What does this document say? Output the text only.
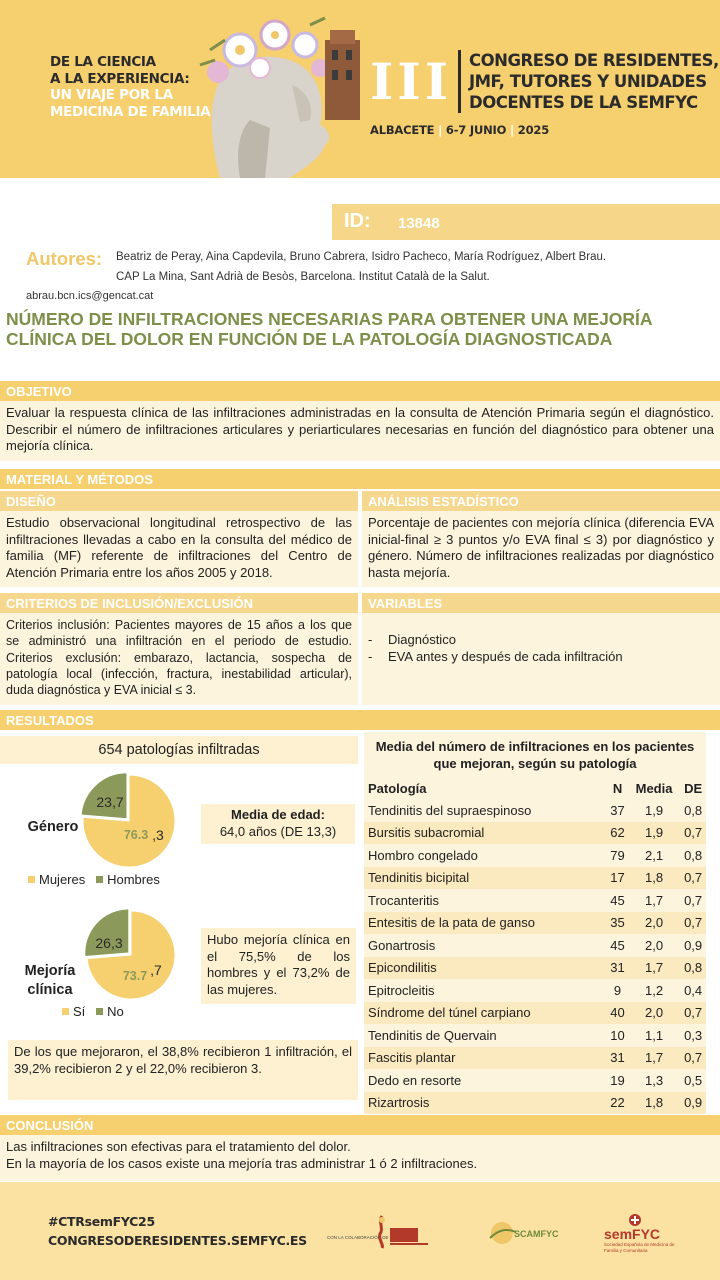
DE LA CIENCIA
A LA EXPERIENCIA:
UN VIAJE POR LA
MEDICINA DE FAMILIA
III CONGRESO DE RESIDENTES,
JMF, TUTORES Y UNIDADES
DOCENTES DE LA SEMFYC
ALBACETE | 6-7 JUNIO | 2025
ID: 13848
Autores: Beatriz de Peray, Aina Capdevila, Bruno Cabrera, Isidro Pacheco, María Rodríguez, Albert Brau.
CAP La Mina, Sant Adrià de Besòs, Barcelona. Institut Català de la Salut.
abrau.bcn.ics@gencat.cat
NÚMERO DE INFILTRACIONES NECESARIAS PARA OBTENER UNA MEJORÍA CLÍNICA DEL DOLOR EN FUNCIÓN DE LA PATOLOGÍA DIAGNOSTICADA
OBJETIVO
Evaluar la respuesta clínica de las infiltraciones administradas en la consulta de Atención Primaria según el diagnóstico. Describir el número de infiltraciones articulares y periarticulares necesarias en función del diagnóstico para obtener una mejoría clínica.
MATERIAL Y MÉTODOS
DISEÑO
Estudio observacional longitudinal retrospectivo de las infiltraciones llevadas a cabo en la consulta del médico de familia (MF) referente de infiltraciones del Centro de Atención Primaria entre los años 2005 y 2018.
ANÁLISIS ESTADÍSTICO
Porcentaje de pacientes con mejoría clínica (diferencia EVA inicial-final ≥ 3 puntos y/o EVA final ≤ 3) por diagnóstico y género. Número de infiltraciones realizadas por diagnóstico hasta mejoría.
CRITERIOS DE INCLUSIÓN/EXCLUSIÓN
Criterios inclusión: Pacientes mayores de 15 años a los que se administró una infiltración en el periodo de estudio. Criterios exclusión: embarazo, lactancia, sospecha de patología local (infección, fractura, inestabilidad articular), duda diagnóstica y EVA inicial ≤ 3.
VARIABLES
- Diagnóstico
- EVA antes y después de cada infiltración
RESULTADOS
654 patologías infiltradas
Género
23,7
76.3 ,3
Mujeres Hombres
Media de edad:
64,0 años (DE 13,3)
Mejoría
clínica
26,3
73.7 ,7
Sí No
Hubo mejoría clínica en el 75,5% de los hombres y el 73,2% de las mujeres.
De los que mejoraron, el 38,8% recibieron 1 infiltración, el 39,2% recibieron 2 y el 22,0% recibieron 3.
Media del número de infiltraciones en los pacientes que mejoran, según su patología
Patología	N	Media	DE
Tendinitis del supraespinoso	37	1,9	0,8
Bursitis subacromial	62	1,9	0,7
Hombro congelado	79	2,1	0,8
Tendinitis bicipital	17	1,8	0,7
Trocanteritis	45	1,7	0,7
Entesitis de la pata de ganso	35	2,0	0,7
Gonartrosis	45	2,0	0,9
Epicondilitis	31	1,7	0,8
Epitrocleitis	9	1,2	0,4
Síndrome del túnel carpiano	40	2,0	0,7
Tendinitis de Quervain	10	1,1	0,3
Fascitis plantar	31	1,7	0,7
Dedo en resorte	19	1,3	0,5
Rizartrosis	22	1,8	0,9
CONCLUSIÓN
Las infiltraciones son efectivas para el tratamiento del dolor.
En la mayoría de los casos existe una mejoría tras administrar 1 ó 2 infiltraciones.
#CTRsemFYC25
CONGRESODERESIDENTES.SEMFYC.ES	CON LA COLABORACIÓN DE	SCAMFYC	semFYC
Sociedad Española de Medicina de Familia y Comunitaria
